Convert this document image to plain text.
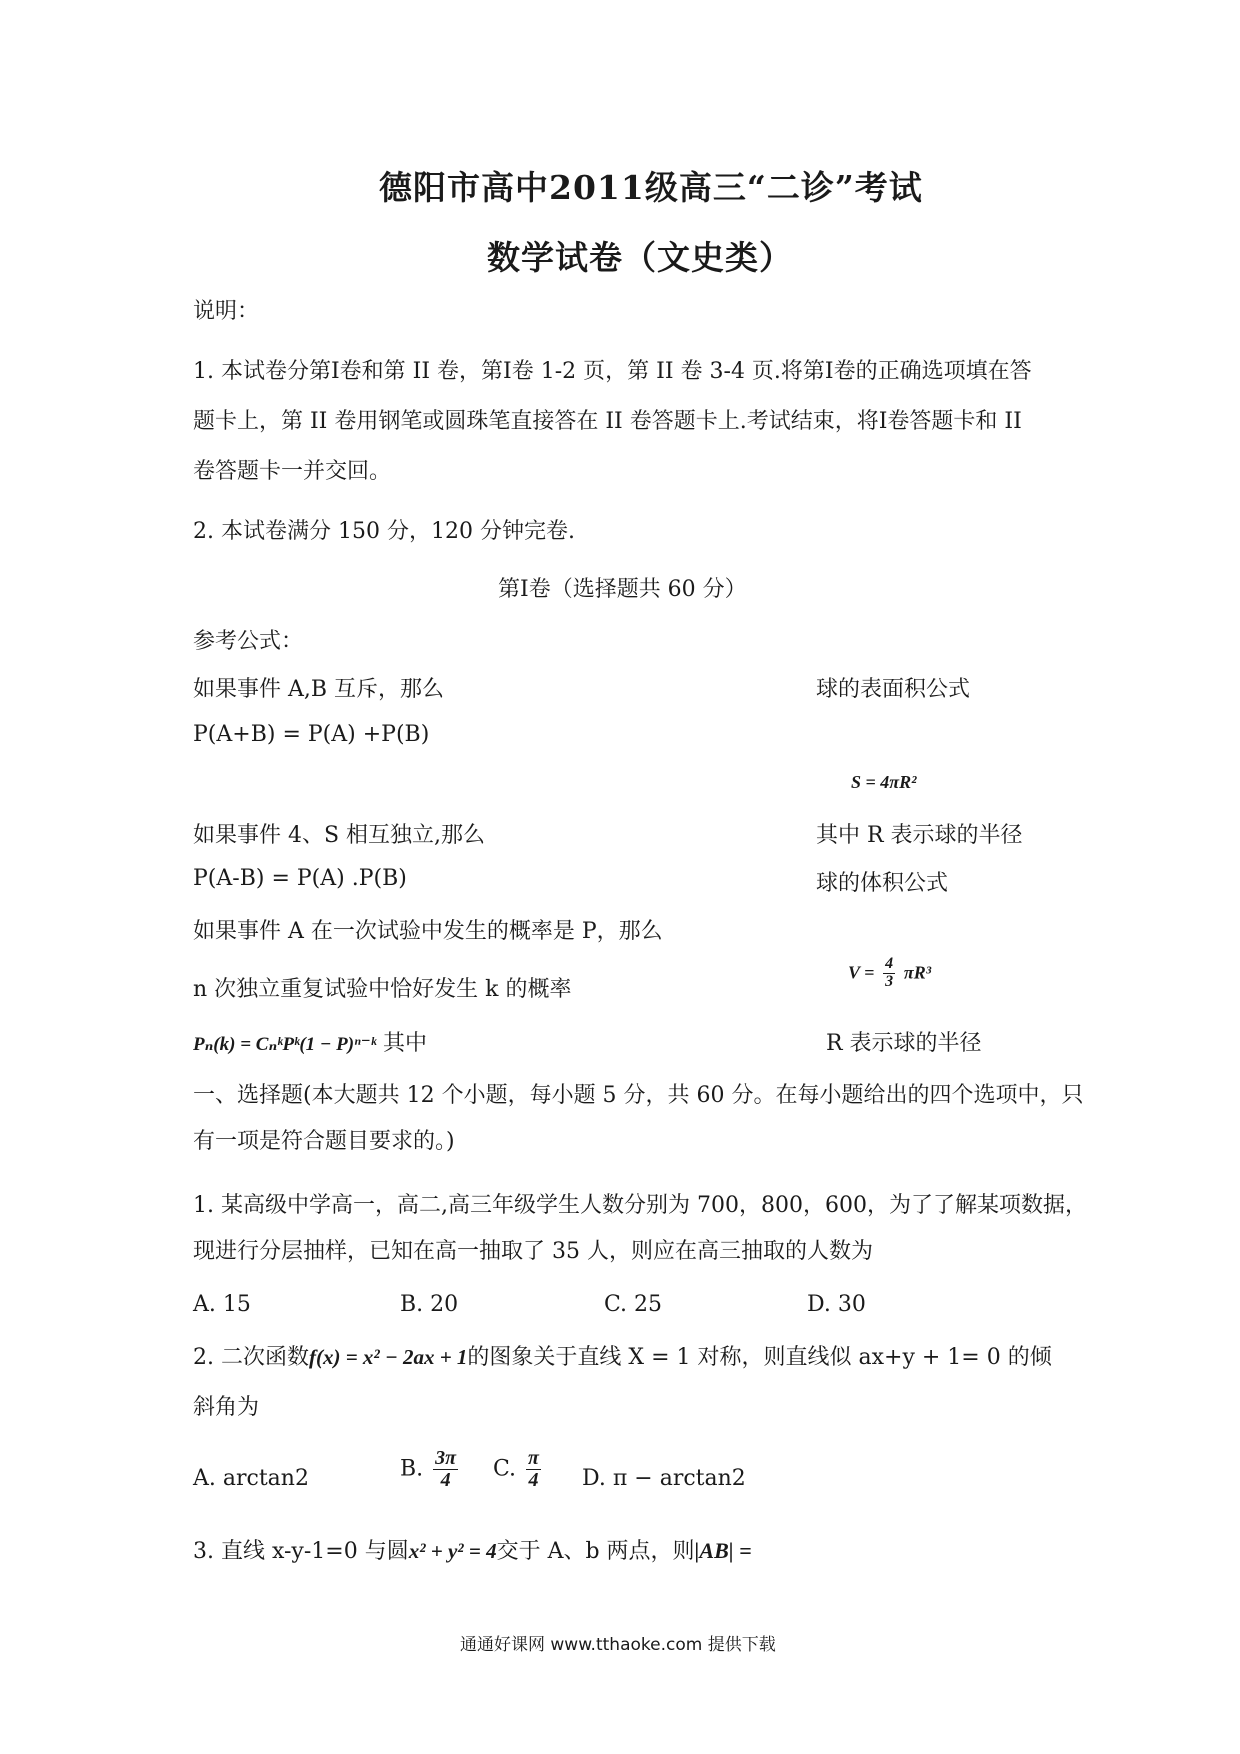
德阳市高中2011级高三“二诊”考试
数学试卷（文史类）
说明：
1. 本试卷分第Ⅰ卷和第 II 卷，第Ⅰ卷 1-2 页，第 II 卷 3-4 页.将第Ⅰ卷的正确选项填在答
题卡上，第 II 卷用钢笔或圆珠笔直接答在 II 卷答题卡上.考试结束，将Ⅰ卷答题卡和 II
卷答题卡一并交回。
2. 本试卷满分 150 分，120 分钟完卷.
第Ⅰ卷（选择题共 60 分）
参考公式：
如果事件 A,B 互斥，那么
P(A+B) = P(A) +P(B)
如果事件 4、S 相互独立,那么
P(A-B) = P(A) .P(B)
如果事件 A 在一次试验中发生的概率是 P，那么
n 次独立重复试验中恰好发生 k 的概率
Pₙ(k) = CₙᵏPᵏ(1 − P)ⁿ⁻ᵏ 其中
球的表面积公式
S = 4πR²
其中 R 表示球的半径
球的体积公式
$V = \frac{4}{3} \pi R^3$
R 表示球的半径
一、选择题(本大题共 12 个小题，每小题 5 分，共 60 分。在每小题给出的四个选项中，只
有一项是符合题目要求的。)
1. 某高级中学高一，高二,高三年级学生人数分别为 700，800，600，为了了解某项数据，
现进行分层抽样，已知在高一抽取了 35 人，则应在高三抽取的人数为
A. 15	B. 20	C. 25	D. 30
2. 二次函数f(x) = x² − 2ax + 1的图象关于直线 X = 1 对称，则直线似 ax+y + 1= 0 的倾
斜角为
A. arctan2	B. $\frac{3\pi}{4} C$. $\frac{\pi}{4} D$. π − arctan2
3. 直线 x-y-1=0 与圆x² + y² = 4交于 A、b 两点，则|AB| =
通通好课网 www.tthaoke.com 提供下载
